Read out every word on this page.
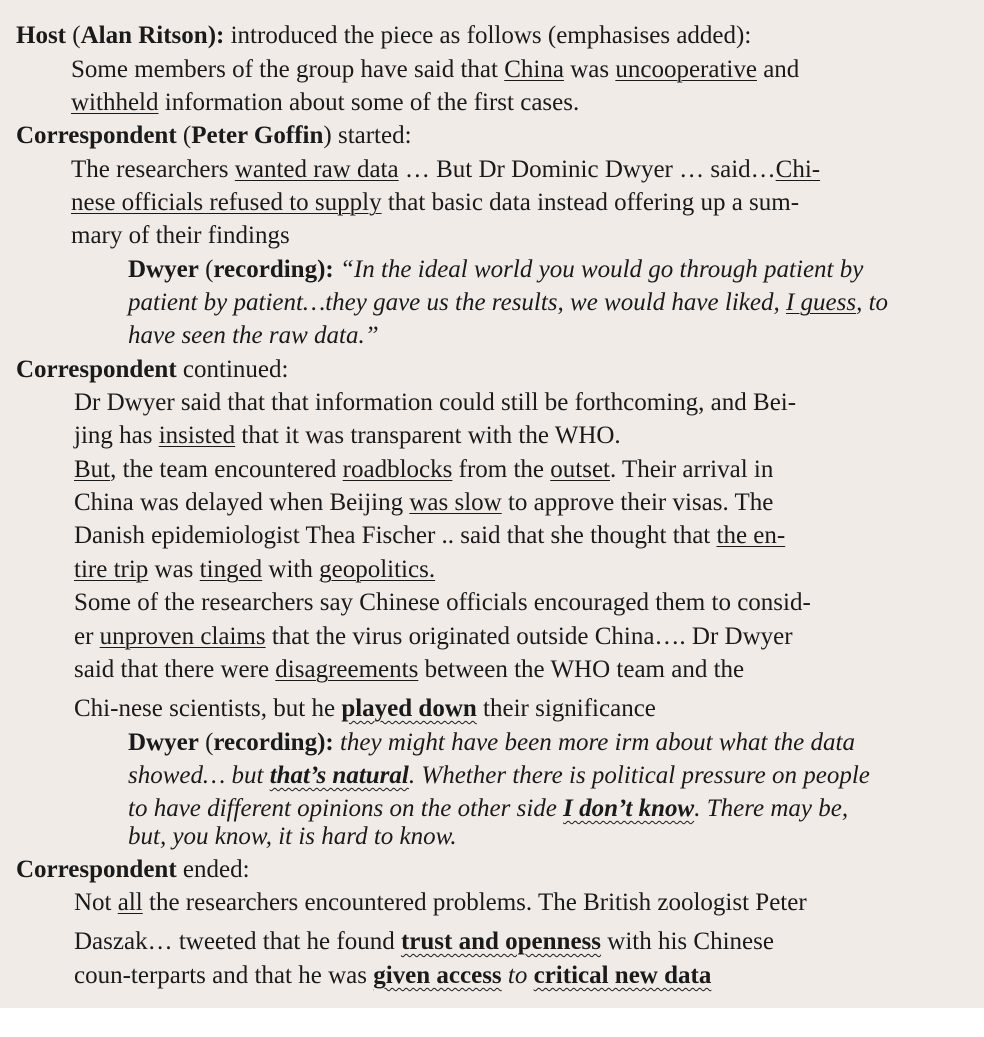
Host (Alan Ritson): introduced the piece as follows (emphasises added):
Some members of the group have said that China was uncooperative and
withheld information about some of the first cases.
Correspondent (Peter Goffin) started:
The researchers wanted raw data … But Dr Dominic Dwyer … said…Chi-
nese officials refused to supply that basic data instead offering up a sum-
mary of their findings
Dwyer (recording): “In the ideal world you would go through patient by
patient by patient…they gave us the results, we would have liked, I guess, to
have seen the raw data.”
Correspondent continued:
Dr Dwyer said that that information could still be forthcoming, and Bei-
jing has insisted that it was transparent with the WHO.
But, the team encountered roadblocks from the outset. Their arrival in
China was delayed when Beijing was slow to approve their visas. The
Danish epidemiologist Thea Fischer .. said that she thought that the en-
tire trip was tinged with geopolitics.
Some of the researchers say Chinese officials encouraged them to consid-
er unproven claims that the virus originated outside China…. Dr Dwyer
said that there were disagreements between the WHO team and the
Chi-nese scientists, but he played down their significance
Dwyer (recording): they might have been more irm about what the data
showed… but that’s natural. Whether there is political pressure on people
to have different opinions on the other side I don’t know. There may be,
but, you know, it is hard to know.
Correspondent ended:
Not all the researchers encountered problems. The British zoologist Peter
Daszak… tweeted that he found trust and openness with his Chinese
coun-terparts and that he was given access to critical new data
